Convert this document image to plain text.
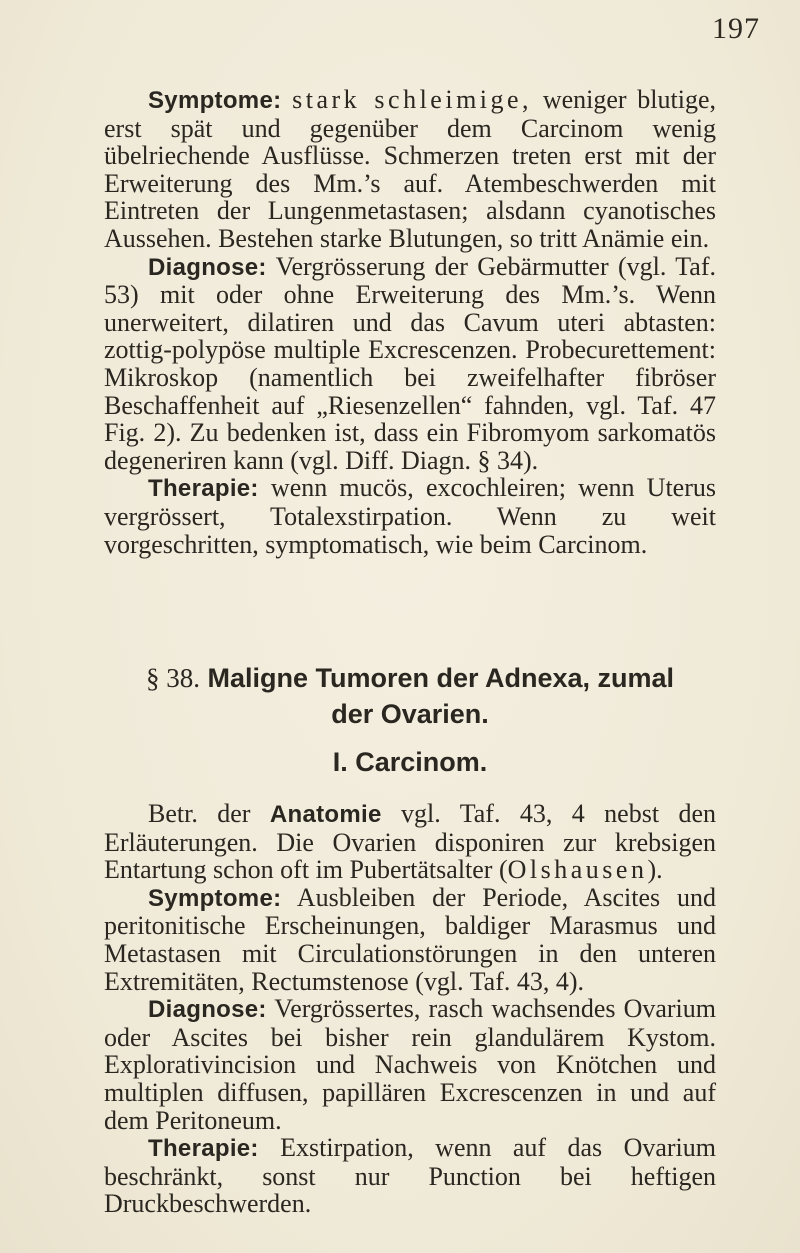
197

Symptome: stark schleimige, weniger blutige, erst spät und gegenüber dem Carcinom wenig übelriechende Ausflüsse. Schmerzen treten erst mit der Erweiterung des Mm.’s auf. Atembeschwerden mit Eintreten der Lungenmetastasen; alsdann cyanotisches Aussehen. Bestehen starke Blutungen, so tritt Anämie ein.

Diagnose: Vergrösserung der Gebärmutter (vgl. Taf. 53) mit oder ohne Erweiterung des Mm.’s. Wenn unerweitert, dilatiren und das Cavum uteri abtasten: zottig-polypöse multiple Excrescenzen. Probecurettement: Mikroskop (namentlich bei zweifelhafter fibröser Beschaffenheit auf „Riesenzellen“ fahnden, vgl. Taf. 47 Fig. 2). Zu bedenken ist, dass ein Fibromyom sarkomatös degeneriren kann (vgl. Diff. Diagn. § 34).

Therapie: wenn mucös, excochleiren; wenn Uterus vergrössert, Totalexstirpation. Wenn zu weit vorgeschritten, symptomatisch, wie beim Carcinom.

§ 38. Maligne Tumoren der Adnexa, zumal
der Ovarien.
I. Carcinom.

Betr. der Anatomie vgl. Taf. 43, 4 nebst den Erläuterungen. Die Ovarien disponiren zur krebsigen Entartung schon oft im Pubertätsalter (Olshausen).

Symptome: Ausbleiben der Periode, Ascites und peritonitische Erscheinungen, baldiger Marasmus und Metastasen mit Circulationstörungen in den unteren Extremitäten, Rectumstenose (vgl. Taf. 43, 4).

Diagnose: Vergrössertes, rasch wachsendes Ovarium oder Ascites bei bisher rein glandulärem Kystom. Explorativincision und Nachweis von Knötchen und multiplen diffusen, papillären Excrescenzen in und auf dem Peritoneum.

Therapie: Exstirpation, wenn auf das Ovarium beschränkt, sonst nur Punction bei heftigen Druckbeschwerden.
